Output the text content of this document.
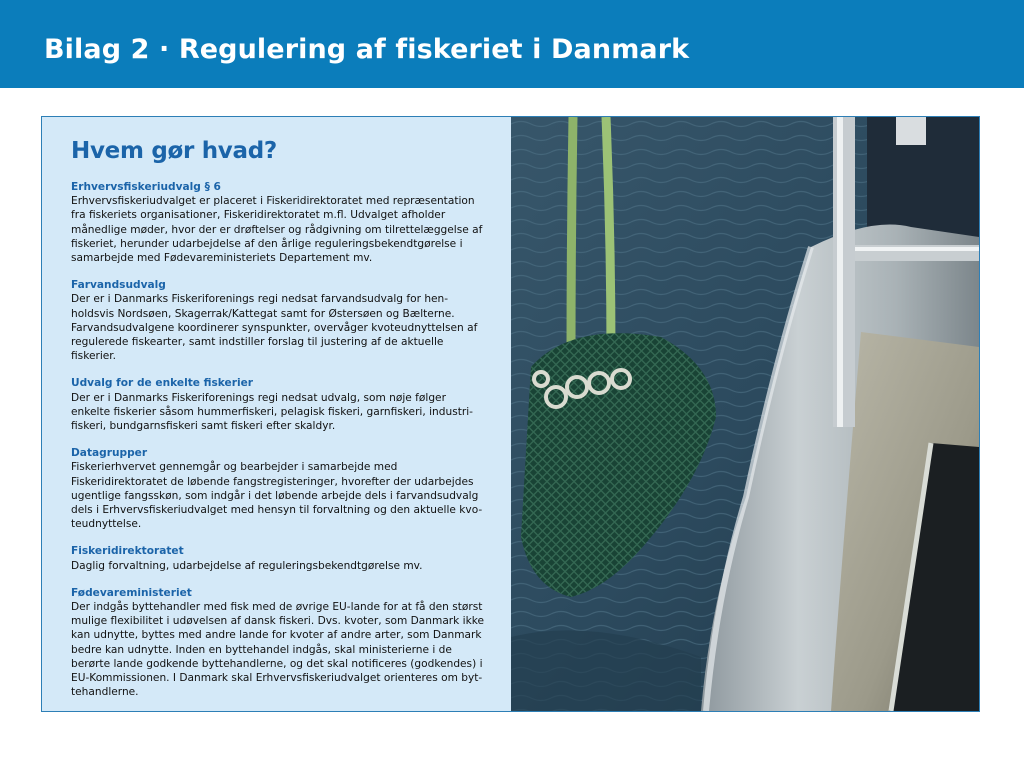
Bilag 2 · Regulering af fiskeriet i Danmark
Hvem gør hvad?
Erhvervsfiskeriudvalg § 6
Erhvervsfiskeriudvalget er placeret i Fiskeridirektoratet med repræsentation
fra fiskeriets organisationer, Fiskeridirektoratet m.fl. Udvalget afholder
månedlige møder, hvor der er drøftelser og rådgivning om tilrettelæggelse af
fiskeriet, herunder udarbejdelse af den årlige reguleringsbekendtgørelse i
samarbejde med Fødevareministeriets Departement mv.
Farvandsudvalg
Der er i Danmarks Fiskeriforenings regi nedsat farvandsudvalg for hen-
holdsvis Nordsøen, Skagerrak/Kattegat samt for Østersøen og Bælterne.
Farvandsudvalgene koordinerer synspunkter, overvåger kvoteudnyttelsen af
regulerede fiskearter, samt indstiller forslag til justering af de aktuelle
fiskerier.
Udvalg for de enkelte fiskerier
Der er i Danmarks Fiskeriforenings regi nedsat udvalg, som nøje følger
enkelte fiskerier såsom hummerfiskeri, pelagisk fiskeri, garnfiskeri, industri-
fiskeri, bundgarnsfiskeri samt fiskeri efter skaldyr.
Datagrupper
Fiskerierhvervet gennemgår og bearbejder i samarbejde med
Fiskeridirektoratet de løbende fangstregisteringer, hvorefter der udarbejdes
ugentlige fangsskøn, som indgår i det løbende arbejde dels i farvandsudvalg
dels i Erhvervsfiskeriudvalget med hensyn til forvaltning og den aktuelle kvo-
teudnyttelse.
Fiskeridirektoratet
Daglig forvaltning, udarbejdelse af reguleringsbekendtgørelse mv.
Fødevareministeriet
Der indgås byttehandler med fisk med de øvrige EU-lande for at få den størst
mulige flexibilitet i udøvelsen af dansk fiskeri. Dvs. kvoter, som Danmark ikke
kan udnytte, byttes med andre lande for kvoter af andre arter, som Danmark
bedre kan udnytte. Inden en byttehandel indgås, skal ministerierne i de
berørte lande godkende byttehandlerne, og det skal notificeres (godkendes) i
EU-Kommissionen. I Danmark skal Erhvervsfiskeriudvalget orienteres om byt-
tehandlerne.
